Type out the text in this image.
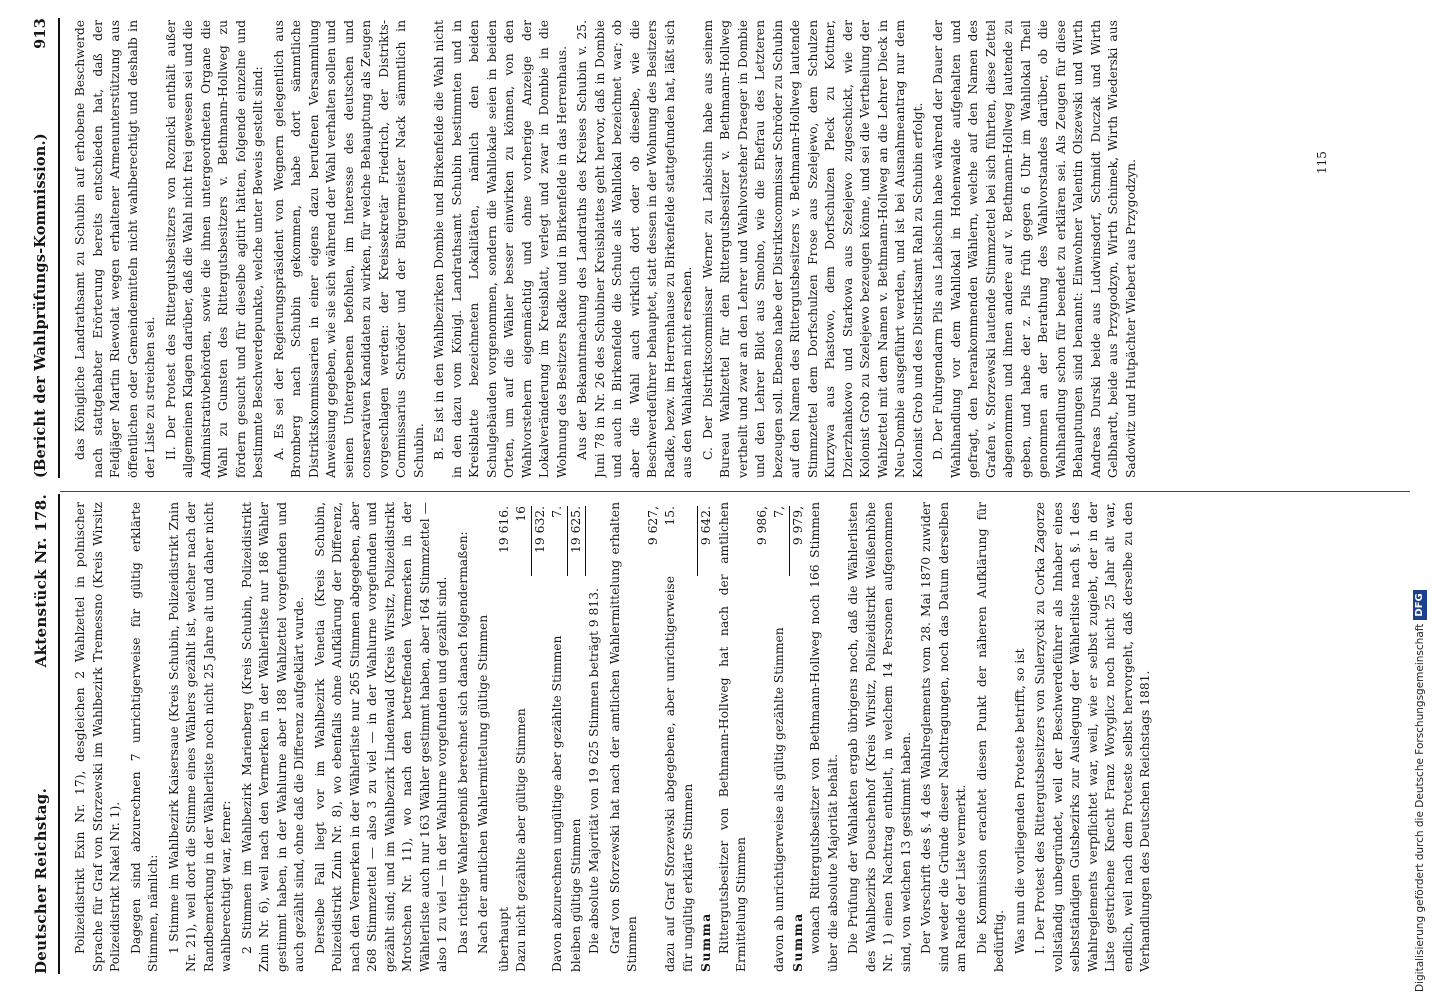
Deutscher Reichstag.
Aktenstück Nr. 178.
(Bericht der Wahlprüfungs-Kommission.)
913

Polizeidistrikt Exin Nr. 17), desgleichen 2 Wahlzettel in polnischer Sprache für Graf von Sforzewski im Wahlbezirk Tremessno (Kreis Wirsitz Polizeidistrikt Nakel Nr. 1). Dagegen sind abzurechnen 7 unrichtigerweise für gültig erklärte Stimmen, nämlich: 1 Stimme im Wahlbezirk Kaisersaue (Kreis Schubin, Polizeidistrikt Znin Nr. 21), weil dort die Stimme eines Wählers gezählt ist, welcher nach der Randbemerkung in der Wählerliste noch nicht 25 Jahre alt und daher nicht wahlberechtigt war, ferner: 2 Stimmen im Wahlbezirk Marienberg (Kreis Schubin, Polizeidistrikt Znin Nr. 6), weil nach den Vermerken in der Wählerliste nur 186 Wähler gestimmt haben, in der Wahlurne aber 188 Wahlzettel vorgefunden und auch gezählt sind, ohne daß die Differenz aufgeklärt wurde. Derselbe Fall liegt vor im Wahlbezirk Venetia (Kreis Schubin, Polizeidistrikt Znin Nr. 8), wo ebenfalls ohne Aufklärung der Differenz, nach den Vermerken in der Wählerliste nur 265 Stimmen abgegeben, aber 268 Stimmzettel — also 3 zu viel — in der Wahlurne vorgefunden und gezählt sind; und im Wahlbezirk Lindenwald (Kreis Wirsitz, Polizeidistrikt Mrotschen Nr. 11), wo nach den betreffenden Vermerken in der Wählerliste auch nur 163 Wähler gestimmt haben, aber 164 Stimmzettel — also 1 zu viel — in der Wahlurne vorgefunden und gezählt sind. Das richtige Wahlergebniß berechnet sich danach folgendermaßen: Nach der amtlichen Wahlermittelung gültige Stimmen überhaupt
19 616.
Dazu nicht gezählte aber gültige Stimmen
16 19 632.
Davon abzurechnen ungültige aber gezählte Stimmen
7.
bleiben gültige Stimmen
19 625.

Die absolute Majorität von 19 625 Stimmen beträgt 9 813. Graf von Sforzewski hat nach der amtlichen Wahlermittelung erhalten Stimmen

9 627,
dazu auf Graf Sforzewski abgegebene, aber unrichtigerweise für ungültig erklärte Stimmen
15.
Summa
9 642. Rittergutsbesitzer von Bethmann-Hollweg hat nach der amtlichen Ermittelung Stimmen

9 986,
davon ab unrichtigerweise als gültig gezählte Stimmen
7,
Summa
9 979, wonach Rittergutsbesitzer von Bethmann-Hollweg noch 166 Stimmen über die absolute Majorität behält. Die Prüfung der Wahlakten ergab übrigens noch, daß die Wählerlisten des Wahlbezirks Deuschenhof (Kreis Wirsitz, Polizeidistrikt Weißenhöhe Nr. 1) einen Nachtrag enthielt, in welchem 14 Personen aufgenommen sind, von welchen 13 gestimmt haben. Der Vorschrift des §. 4 des Wahlreglements vom 28. Mai 1870 zuwider sind weder die Gründe dieser Nachtragungen, noch das Datum derselben am Rande der Liste vermerkt. Die Kommission erachtet diesen Punkt der näheren Aufklärung für bedürftig. Was nun die vorliegenden Proteste betrifft, so ist I. Der Protest des Rittergutsbesitzers von Sulerzycki zu Corka Zagorze vollständig unbegründet, weil der Beschwerdeführer als Inhaber eines selbstständigen Gutsbezirks zur Auslegung der Wählerliste nach §. 1 des Wahlreglements verpflichtet war, weil, wie er selbst zugiebt, der in der Liste gestrichene Knecht Franz Woryglicz noch nicht 25 Jahr alt war, endlich, weil nach dem Proteste selbst hervorgeht, daß derselbe zu den Verhandlungen des Deutschen Reichstags 1881.

das Königliche Landrathsamt zu Schubin auf erhobene Beschwerde nach stattgehabter Erörterung bereits entschieden hat, daß der Feldjäger Martin Riewolat wegen erhaltener Armenunterstützung aus öffentlichen oder Gemeindemitteln nicht wahlberechtigt und deshalb in der Liste zu streichen sei. II. Der Protest des Rittergutsbesitzers von Roznicki enthält außer allgemeinen Klagen darüber, daß die Wahl nicht frei gewesen sei und die Administrativbehörden, sowie die ihnen untergeordneten Organe die Wahl zu Gunsten des Rittergutsbesitzers v. Bethmann-Hollweg zu fördern gesucht und für dieselbe agitirt hätten, folgende einzelne und bestimmte Beschwerdepunkte, welche unter Beweis gestellt sind: A. Es sei der Regierungspräsident von Wegnern gelegentlich aus Bromberg nach Schubin gekommen, habe dort sämmtliche Distriktskommissarien in einer eigens dazu berufenen Versammlung Anweisung gegeben, wie sie sich während der Wahl verhalten sollen und seinen Untergebenen befohlen, im Interesse des deutschen und conservativen Kandidaten zu wirken, für welche Behauptung als Zeugen vorgeschlagen werden: der Kreissekretär Friedrich, der Distrikts-Commissarius Schröder und der Bürgermeister Nack sämmtlich in Schubin. B. Es ist in den Wahlbezirken Dombie und Birkenfelde die Wahl nicht in den dazu vom Königl. Landrathsamt Schubin bestimmten und in Kreisblatte bezeichneten Lokalitäten, nämlich den beiden Schulgebäuden vorgenommen, sondern die Wahllokale seien in beiden Orten, um auf die Wähler besser einwirken zu können, von den Wahlvorstehern eigenmächtig und ohne vorherige Anzeige der Lokalveränderung im Kreisblatt, verlegt und zwar in Dombie in die Wohnung des Besitzers Radke und in Birkenfelde in das Herrenhaus. Aus der Bekanntmachung des Landraths des Kreises Schubin v. 25. Juni 78 in Nr. 26 des Schubiner Kreisblattes geht hervor, daß in Dombie und auch in Birkenfelde die Schule als Wahllokal bezeichnet war; ob aber die Wahl auch wirklich dort oder ob dieselbe, wie die Beschwerdeführer behauptet, statt dessen in der Wohnung des Besitzers Radke, bezw. im Herrenhause zu Birkenfelde stattgefunden hat, läßt sich aus den Wahlakten nicht ersehen. C. Der Distriktscommissar Werner zu Labischin habe aus seinem Bureau Wahlzettel für den Rittergutsbesitzer v. Bethmann-Hollweg vertheilt und zwar an den Lehrer und Wahlvorsteher Draeger in Dombie und den Lehrer Bilot aus Smolno, wie die Ehefrau des Letzteren bezeugen soll. Ebenso habe der Distriktscommissar Schröder zu Schubin auf den Namen des Rittergutsbesitzers v. Bethmann-Hollweg lautende Stimmzettel dem Dorfschulzen Frose aus Szelejewo, dem Schulzen Kurzywa aus Piastowo, dem Dorfschulzen Pleck zu Kottner, Dzierzhankowo und Starkowa aus Szelejewo zugeschickt, wie der Kolonist Grob zu Szelejewo bezeugen könne, und sei die Vertheilung der Wahlzettel mit dem Namen v. Bethmann-Hollweg an die Lehrer Dieck in Neu-Dombie ausgeführt werden, und ist bei Ausnahmeantrag nur dem Kolonist Grob und des Distriktsamt Rahl zu Schubin erfolgt. D. Der Fuhrgendarm Pils aus Labischin habe während der Dauer der Wahlhandlung vor dem Wahllokal in Hohenwalde aufgehalten und gefragt, den herankommenden Wählern, welche auf den Namen des Grafen v. Sforzewski lautende Stimmzettel bei sich führten, diese Zettel abgenommen und ihnen andere auf v. Bethmann-Hollweg lautende zu geben, und habe der z. Pils früh gegen 6 Uhr im Wahllokal Theil genommen an der Berathung des Wahlvorstandes darüber, ob die Wahlhandlung schon für beendet zu erklären sei. Als Zeugen für diese Behauptungen sind benannt: Einwohner Valentin Olszewski und Wirth Andreas Durski beide aus Ludwinsdorf, Schmidt Duczak und Wirth Gelbhardt, beide aus Przygodzyn, Wirth Schimek, Wirth Wiederski aus Sadowitz und Hutpächter Wiebert aus Przygodzyn.	115
Digitalisierung gefördert durch die Deutsche Forschungsgemeinschaft
DFG
